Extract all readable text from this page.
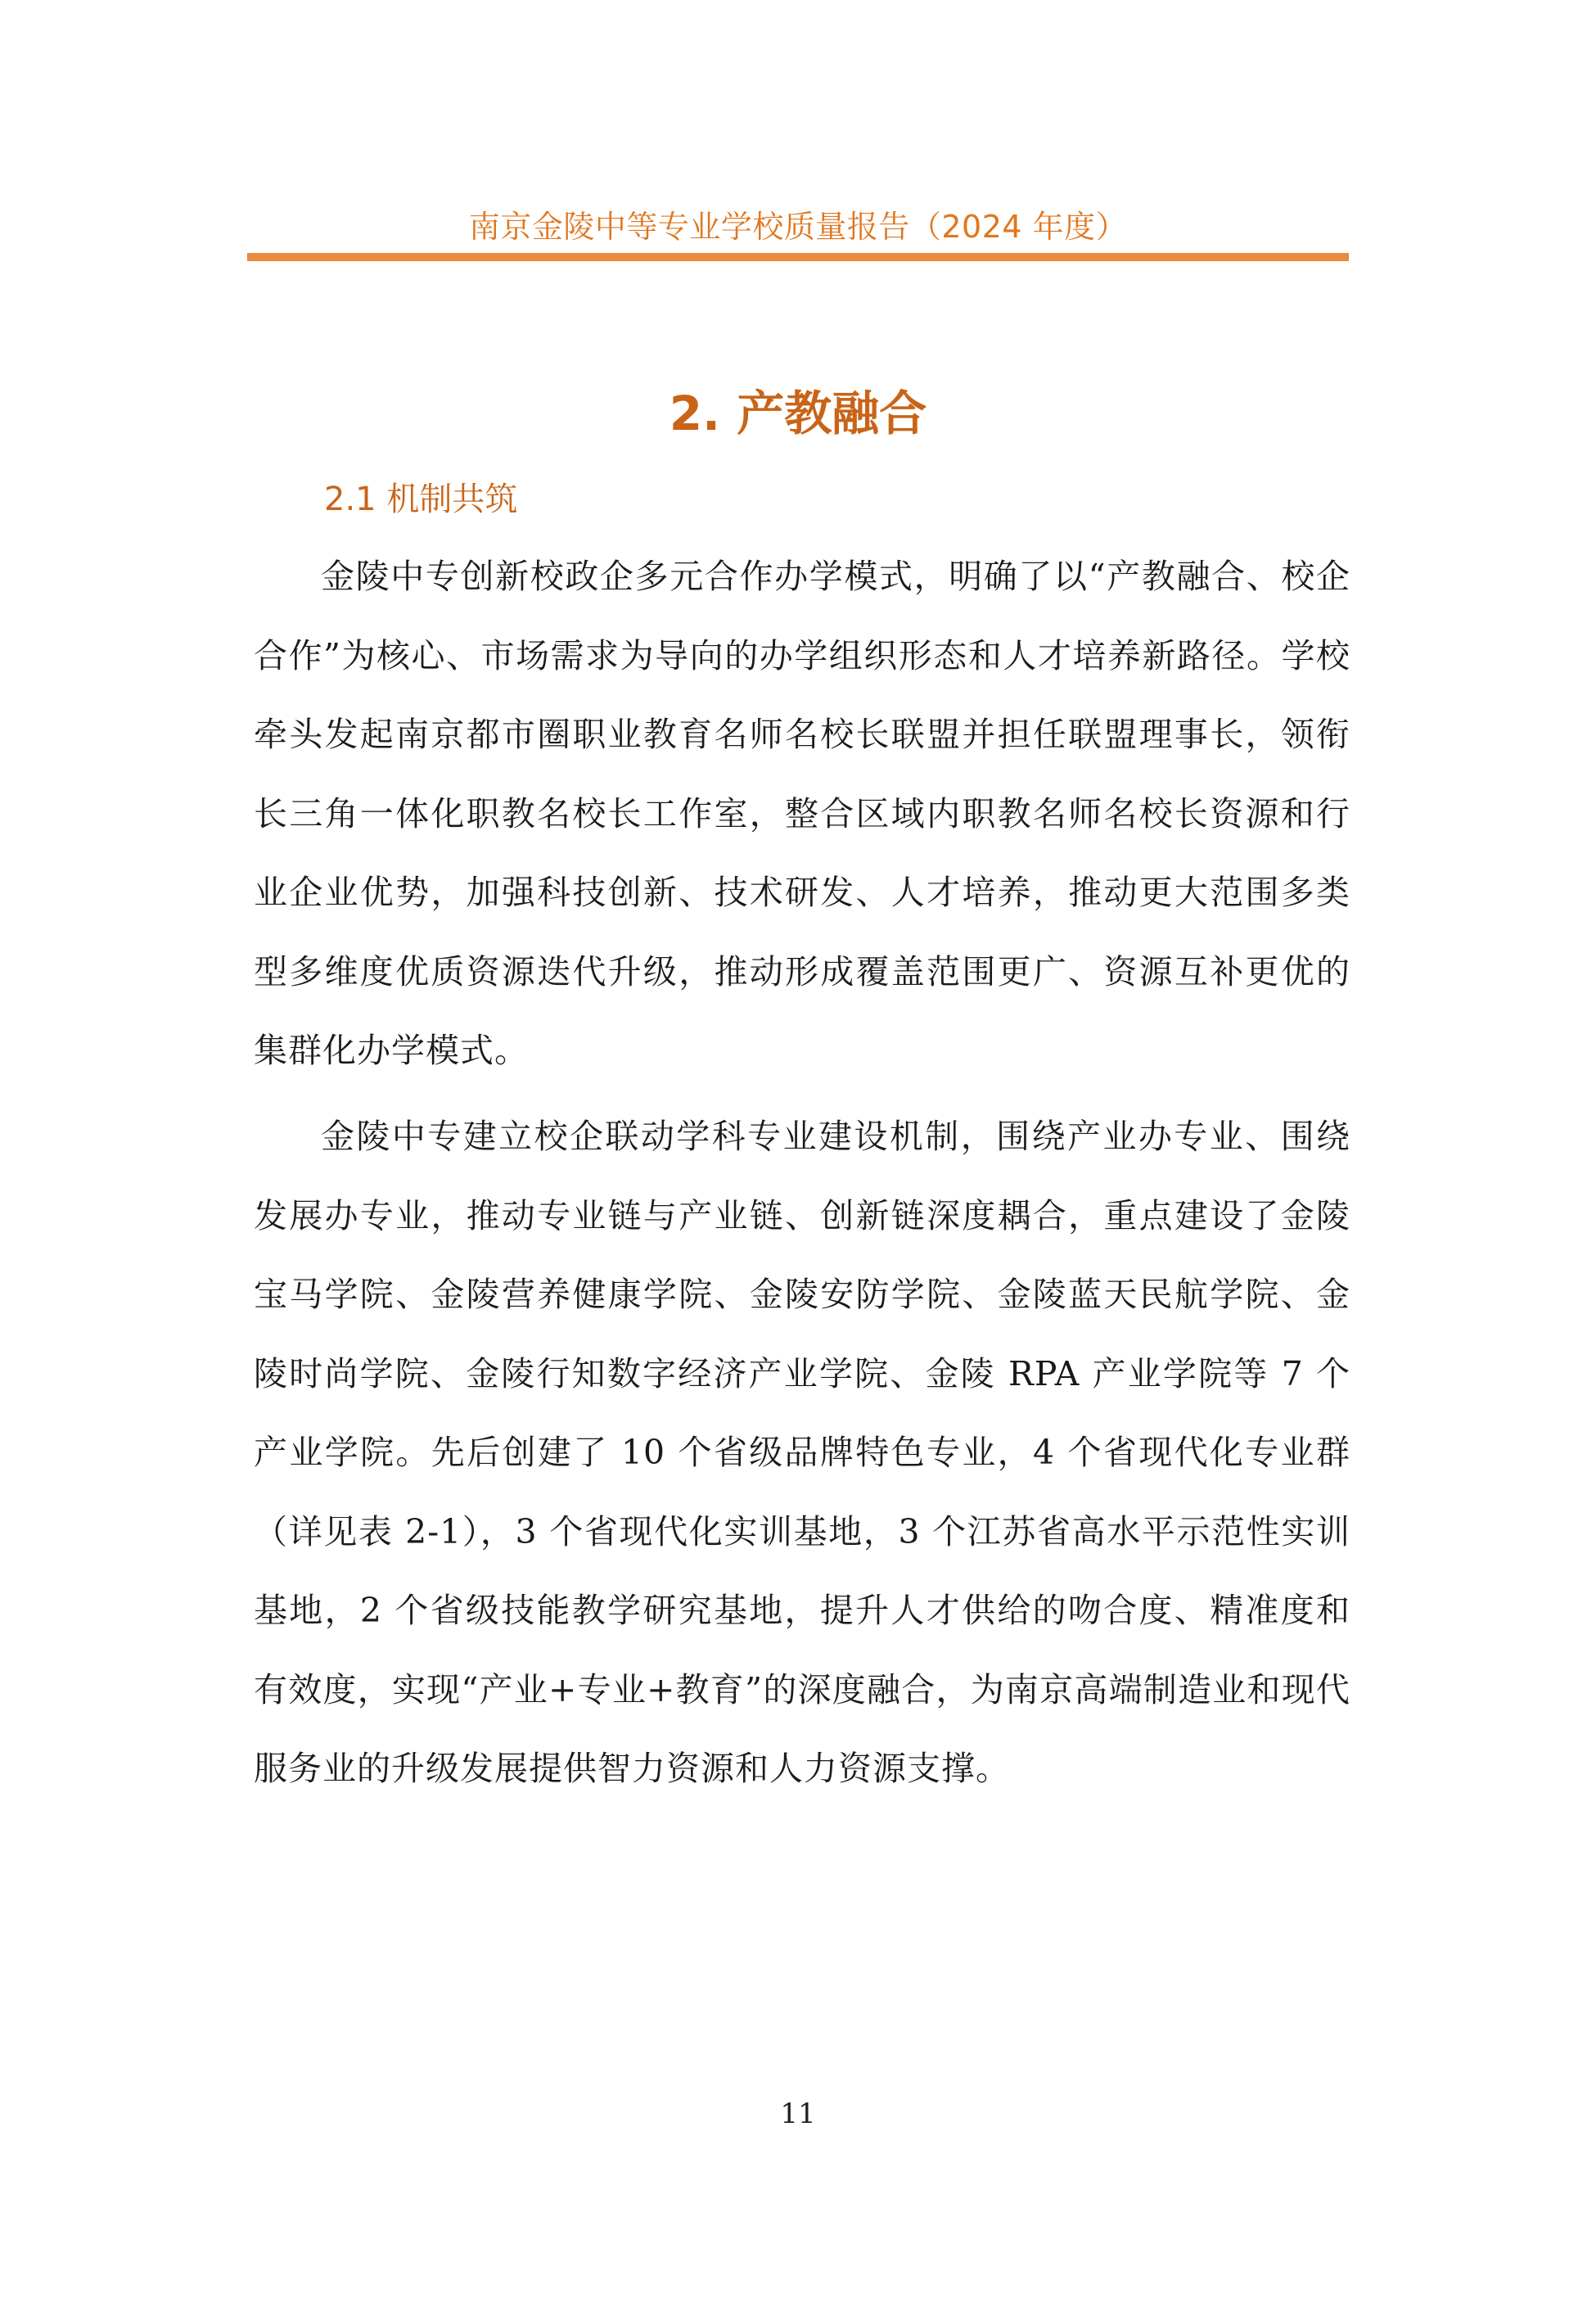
南京金陵中等专业学校质量报告（2024 年度）
2. 产教融合
2.1 机制共筑

金陵中专创新校政企多元合作办学模式，明确了以“产教融合、校企合作”为核心、市场需求为导向的办学组织形态和人才培养新路径。学校牵头发起南京都市圈职业教育名师名校长联盟并担任联盟理事长，领衔长三角一体化职教名校长工作室，整合区域内职教名师名校长资源和行业企业优势，加强科技创新、技术研发、人才培养，推动更大范围多类型多维度优质资源迭代升级，推动形成覆盖范围更广、资源互补更优的集群化办学模式。

金陵中专建立校企联动学科专业建设机制，围绕产业办专业、围绕发展办专业，推动专业链与产业链、创新链深度耦合，重点建设了金陵宝马学院、金陵营养健康学院、金陵安防学院、金陵蓝天民航学院、金陵时尚学院、金陵行知数字经济产业学院、金陵 RPA 产业学院等 7 个产业学院。先后创建了 10 个省级品牌特色专业，4 个省现代化专业群（详见表 2-1），3 个省现代化实训基地，3 个江苏省高水平示范性实训基地，2 个省级技能教学研究基地，提升人才供给的吻合度、精准度和有效度，实现“产业+专业+教育”的深度融合，为南京高端制造业和现代服务业的升级发展提供智力资源和人力资源支撑。

11
